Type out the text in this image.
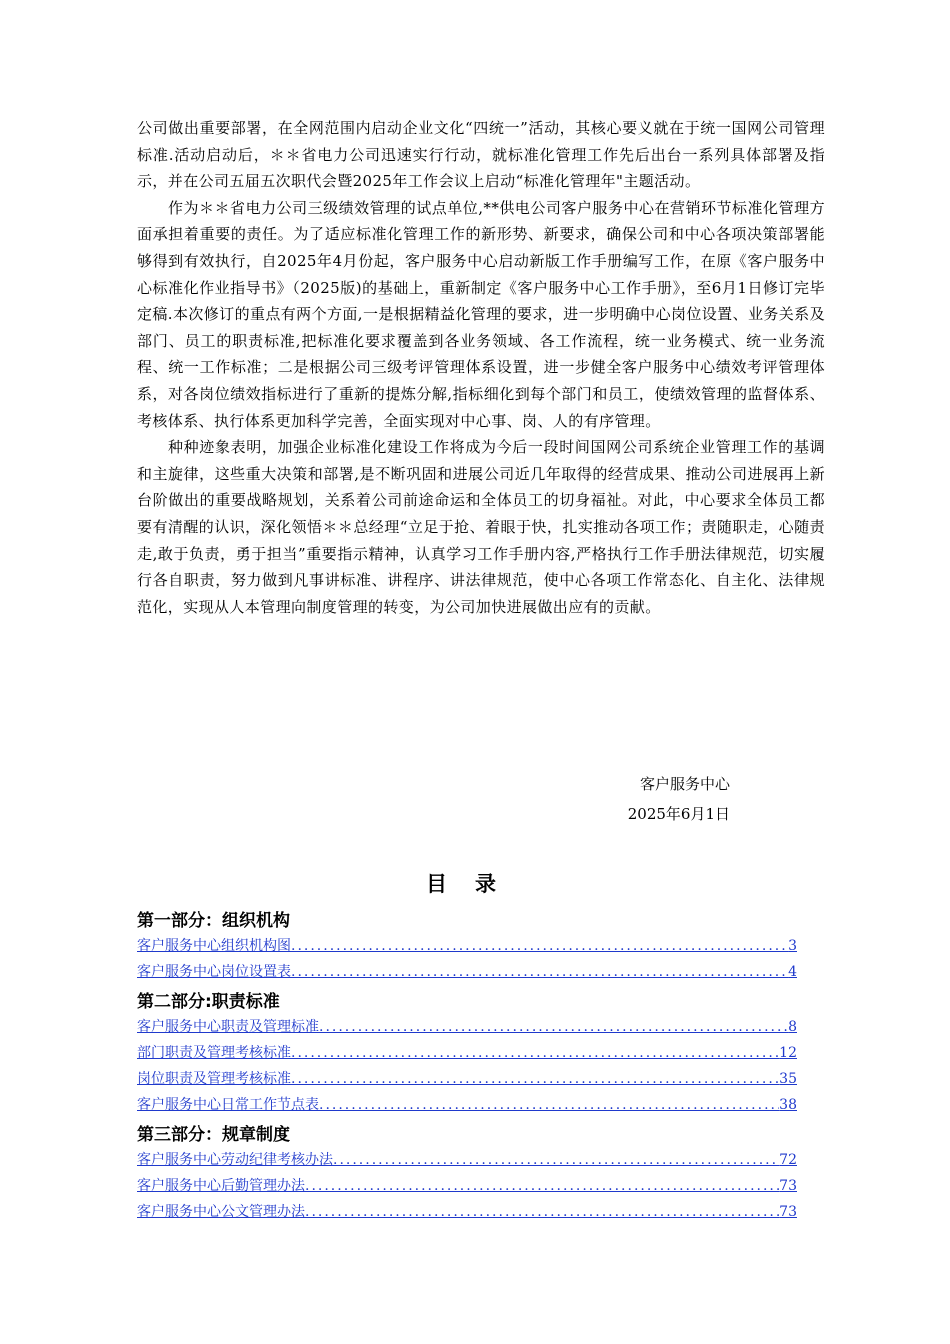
公司做出重要部署，在全网范围内启动企业文化“四统一”活动，其核心要义就在于统一国网公司管理标准.活动启动后，＊＊省电力公司迅速实行行动，就标准化管理工作先后出台一系列具体部署及指示，并在公司五届五次职代会暨2025年工作会议上启动“标准化管理年"主题活动。

作为＊＊省电力公司三级绩效管理的试点单位,**供电公司客户服务中心在营销环节标准化管理方面承担着重要的责任。为了适应标准化管理工作的新形势、新要求，确保公司和中心各项决策部署能够得到有效执行，自2025年4月份起，客户服务中心启动新版工作手册编写工作，在原《客户服务中心标准化作业指导书》（2025版)的基础上，重新制定《客户服务中心工作手册》，至6月1日修订完毕定稿.本次修订的重点有两个方面,一是根据精益化管理的要求，进一步明确中心岗位设置、业务关系及部门、员工的职责标准,把标准化要求覆盖到各业务领域、各工作流程，统一业务模式、统一业务流程、统一工作标准；二是根据公司三级考评管理体系设置，进一步健全客户服务中心绩效考评管理体系，对各岗位绩效指标进行了重新的提炼分解,指标细化到每个部门和员工，使绩效管理的监督体系、考核体系、执行体系更加科学完善，全面实现对中心事、岗、人的有序管理。

种种迹象表明，加强企业标准化建设工作将成为今后一段时间国网公司系统企业管理工作的基调和主旋律，这些重大决策和部署,是不断巩固和进展公司近几年取得的经营成果、推动公司进展再上新台阶做出的重要战略规划，关系着公司前途命运和全体员工的切身福祉。对此，中心要求全体员工都要有清醒的认识，深化领悟＊＊总经理“立足于抢、着眼于快，扎实推动各项工作；责随职走，心随责走,敢于负责，勇于担当”重要指示精神，认真学习工作手册内容,严格执行工作手册法律规范，切实履行各自职责，努力做到凡事讲标准、讲程序、讲法律规范，使中心各项工作常态化、自主化、法律规范化，实现从人本管理向制度管理的转变，为公司加快进展做出应有的贡献。

客户服务中心
2025年6月1日
目录
第一部分：组织机构
客户服务中心组织机构图 .....	3
客户服务中心岗位设置表 .....	4
第二部分:职责标准
客户服务中心职责及管理标准 .....	8
部门职责及管理考核标准 .....	12
岗位职责及管理考核标准 .....	35
客户服务中心日常工作节点表 .....	38
第三部分：规章制度
客户服务中心劳动纪律考核办法 .....	72
客户服务中心后勤管理办法 .....	73
客户服务中心公文管理办法 .....	73
